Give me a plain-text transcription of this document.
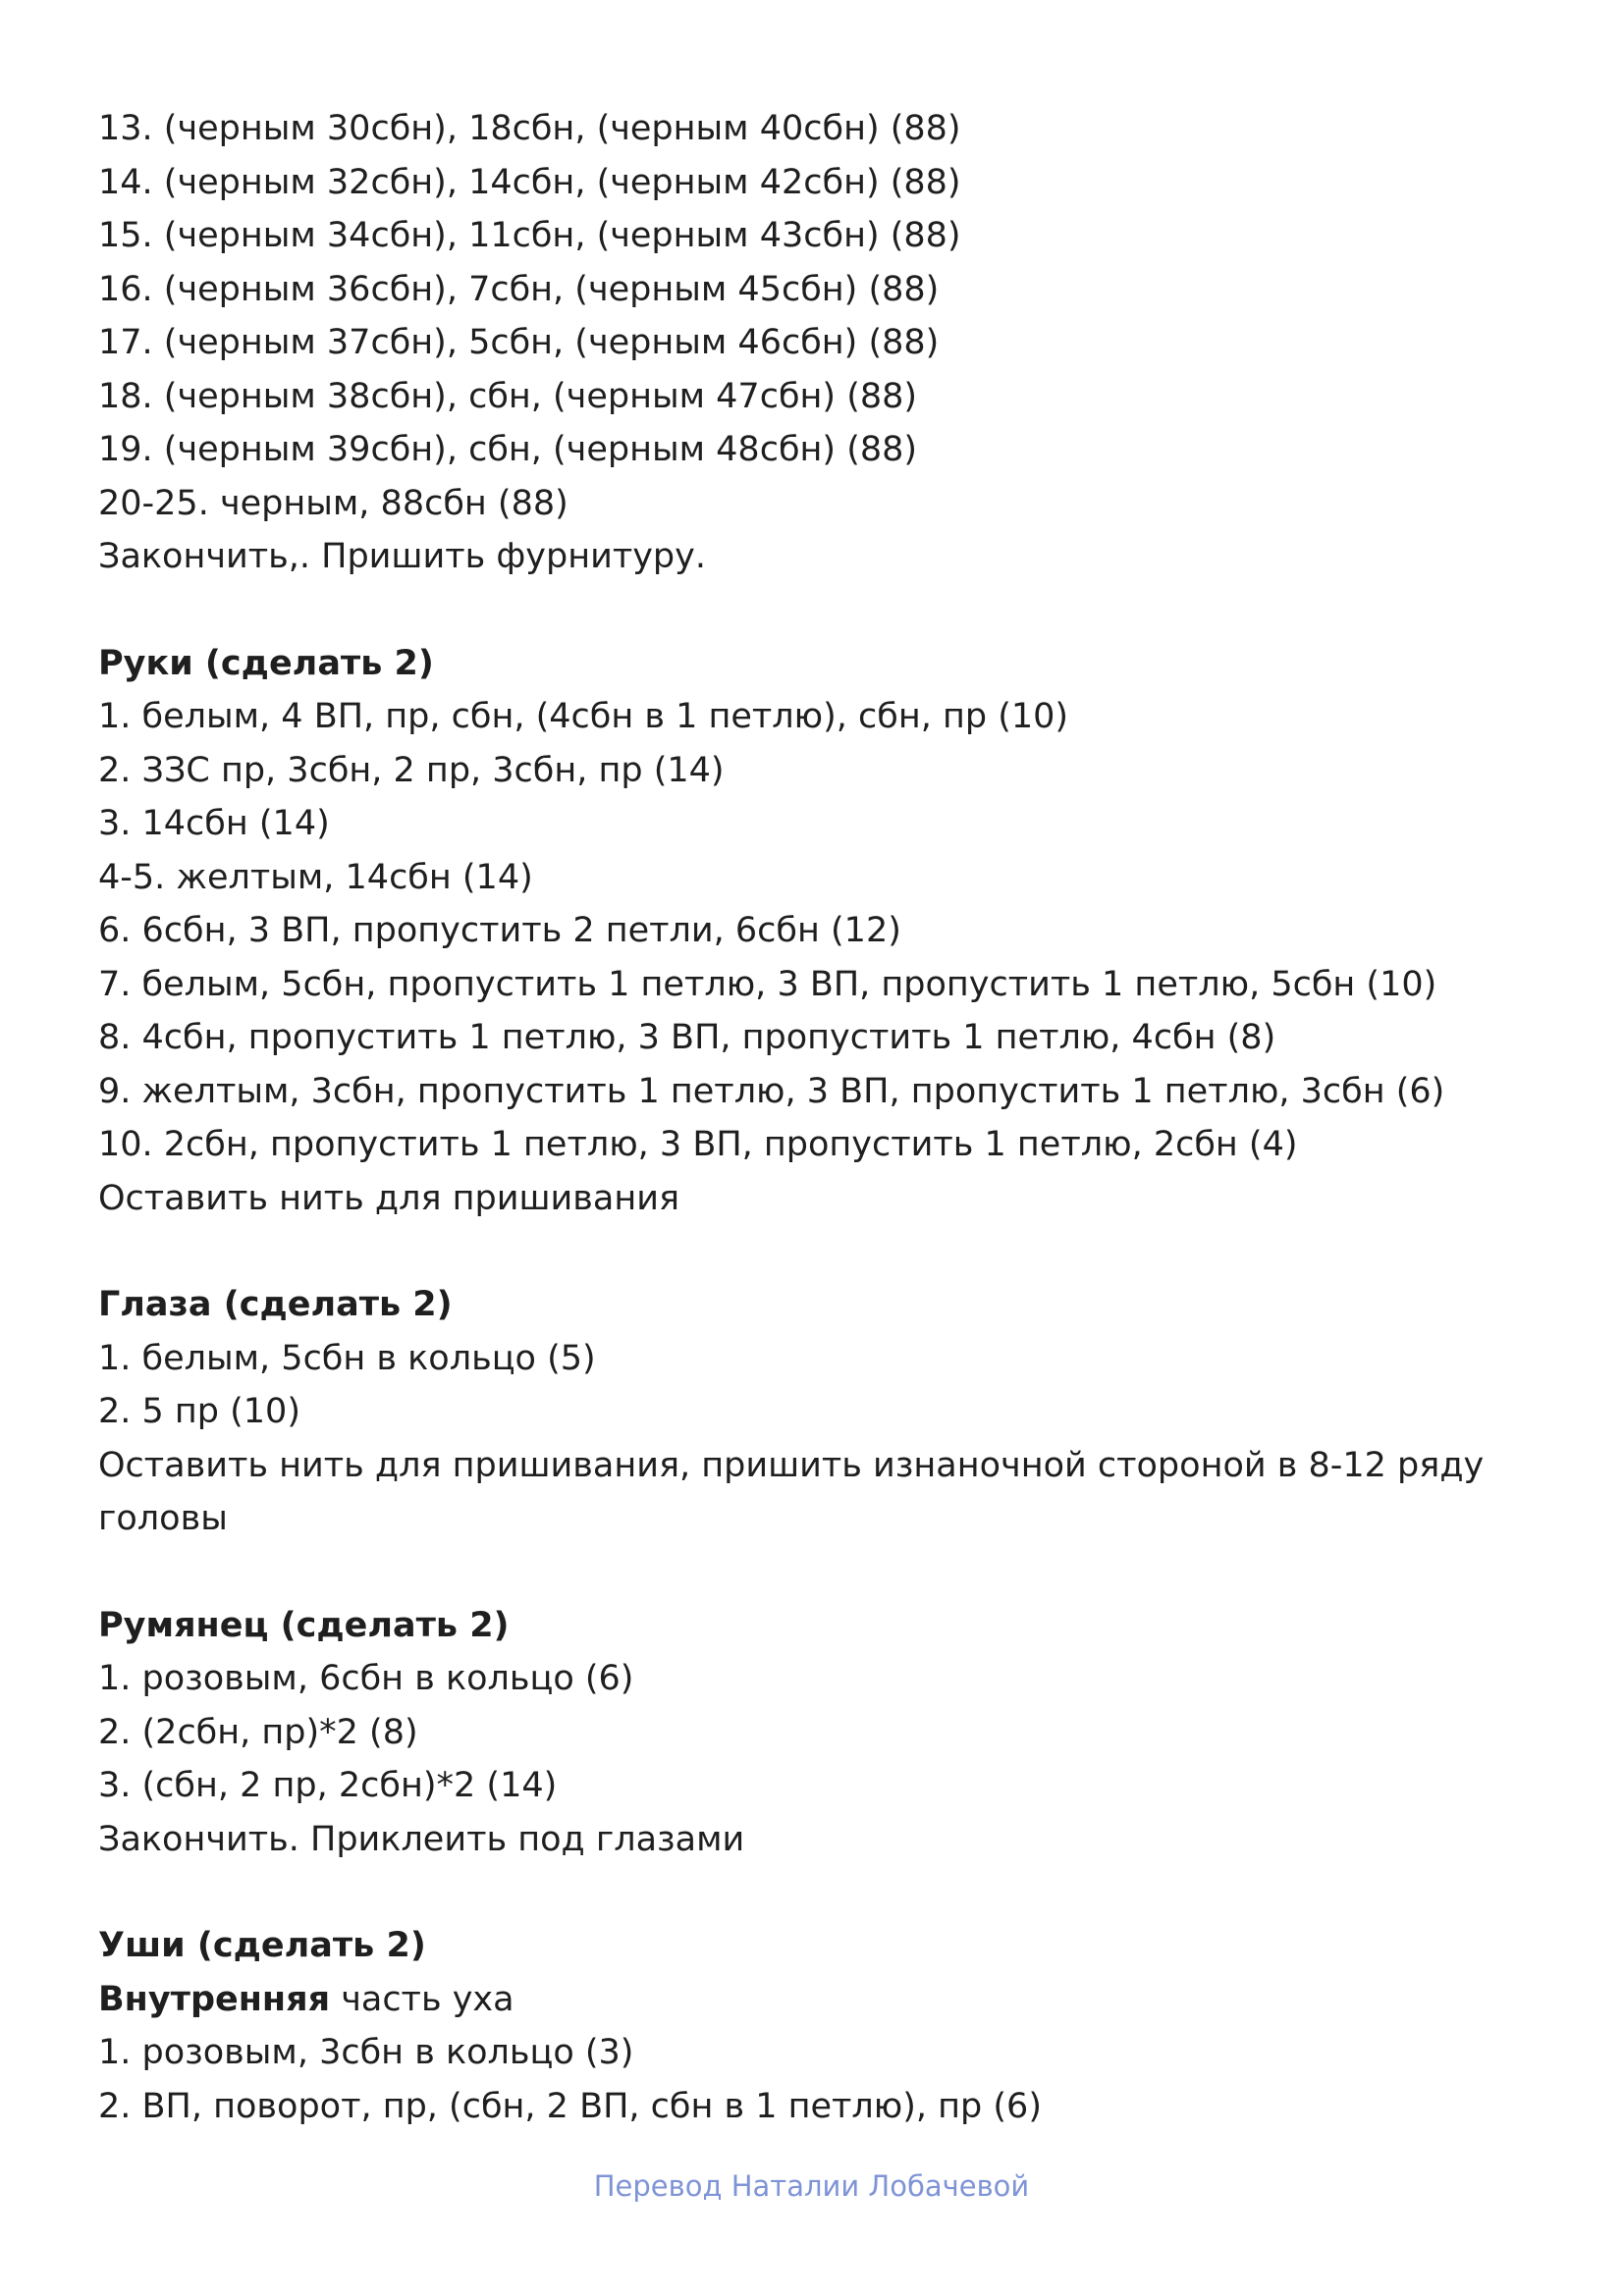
13. (черным 30сбн), 18сбн, (черным 40сбн) (88)
14. (черным 32сбн), 14сбн, (черным 42сбн) (88)
15. (черным 34сбн), 11сбн, (черным 43сбн) (88)
16. (черным 36сбн), 7сбн, (черным 45сбн) (88)
17. (черным 37сбн), 5сбн, (черным 46сбн) (88)
18. (черным 38сбн), сбн, (черным 47сбн) (88)
19. (черным 39сбн), сбн, (черным 48сбн) (88)
20-25. черным, 88сбн (88)
Закончить,. Пришить фурнитуру.
Руки (сделать 2)
1. белым, 4 ВП, пр, сбн, (4сбн в 1 петлю), сбн, пр (10)
2. ЗЗС пр, 3сбн, 2 пр, 3сбн, пр (14)
3. 14сбн (14)
4-5. желтым, 14сбн (14)
6. 6сбн, 3 ВП, пропустить 2 петли, 6сбн (12)
7. белым, 5сбн, пропустить 1 петлю, 3 ВП, пропустить 1 петлю, 5сбн (10)
8. 4сбн, пропустить 1 петлю, 3 ВП, пропустить 1 петлю, 4сбн (8)
9. желтым, 3сбн, пропустить 1 петлю, 3 ВП, пропустить 1 петлю, 3сбн (6)
10. 2сбн, пропустить 1 петлю, 3 ВП, пропустить 1 петлю, 2сбн (4)
Оставить нить для пришивания
Глаза (сделать 2)
1. белым, 5сбн в кольцо (5)
2. 5 пр (10)
Оставить нить для пришивания, пришить изнаночной стороной в 8-12 ряду
головы
Румянец (сделать 2)
1. розовым, 6сбн в кольцо (6)
2. (2сбн, пр)*2 (8)
3. (сбн, 2 пр, 2сбн)*2 (14)
Закончить. Приклеить под глазами
Уши (сделать 2)
Внутренняя часть уха
1. розовым, 3сбн в кольцо (3)
2. ВП, поворот, пр, (сбн, 2 ВП, сбн в 1 петлю), пр (6)
Перевод Наталии Лобачевой
